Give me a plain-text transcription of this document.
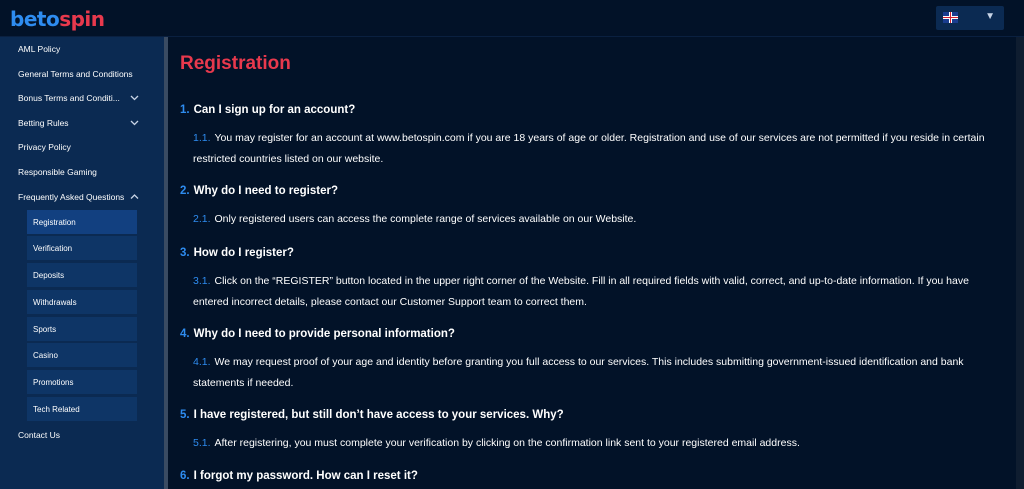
betospin	▼
AML Policy
General Terms and Conditions
Bonus Terms and Conditi...
Betting Rules
Privacy Policy
Responsible Gaming
Frequently Asked Questions
Registration
Verification
Deposits
Withdrawals
Sports
Casino
Promotions
Tech Related
Contact Us
Registration
1. Can I sign up for an account?
1.1. You may register for an account at www.betospin.com if you are 18 years of age or older. Registration and use of our services are not permitted if you reside in certain restricted countries listed on our website.
2. Why do I need to register?
2.1. Only registered users can access the complete range of services available on our Website.
3. How do I register?
3.1. Click on the “REGISTER” button located in the upper right corner of the Website. Fill in all required fields with valid, correct, and up-to-date information. If you have entered incorrect details, please contact our Customer Support team to correct them.
4. Why do I need to provide personal information?
4.1. We may request proof of your age and identity before granting you full access to our services. This includes submitting government-issued identification and bank statements if needed.
5. I have registered, but still don’t have access to your services. Why?
5.1. After registering, you must complete your verification by clicking on the confirmation link sent to your registered email address.
6. I forgot my password. How can I reset it?
